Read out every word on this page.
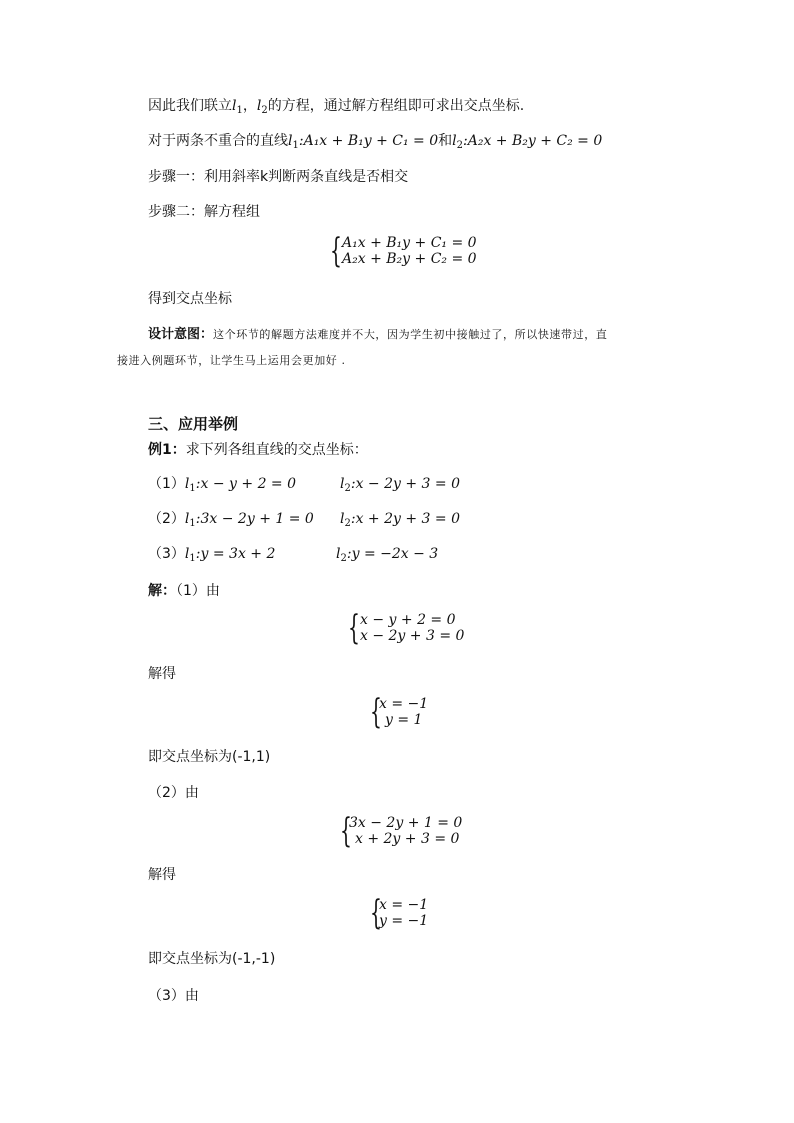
因此我们联立$l_1$，$l_2$的方程，通过解方程组即可求出交点坐标.
对于两条不重合的直线$l_1:A_1x + B_1y + C_1 = 0$和$l_2:A_2x + B_2y + C_2 = 0$
步骤一：利用斜率k判断两条直线是否相交
步骤二：解方程组
{ A₁x + B₁y + C₁ = 0
A₂x + B₂y + C₂ = 0
得到交点坐标
设计意图：这个环节的解题方法难度并不大，因为学生初中接触过了，所以快速带过，直
接进入例题环节，让学生马上运用会更加好 .
三、应用举例
例1：求下列各组直线的交点坐标：
$(1)l_1:x - y + 2 = 0$	$l_2:x - 2y + 3 = 0$
$(2)l_1:3x - 2y + 1 = 0$ $l_2:x + 2y + 3 = 0$
$(3)l_1:y = 3x + 2$	$l_2:y = -2x - 3$
解：（1）由
{ x − y + 2 = 0
x − 2y + 3 = 0
解得
{
x = −1
y = 1
即交点坐标为(-1,1)
（2）由
{
3x − 2y + 1 = 0
x + 2y + 3 = 0
解得
{
x = −1
y = −1
即交点坐标为(-1,-1)
（3）由
